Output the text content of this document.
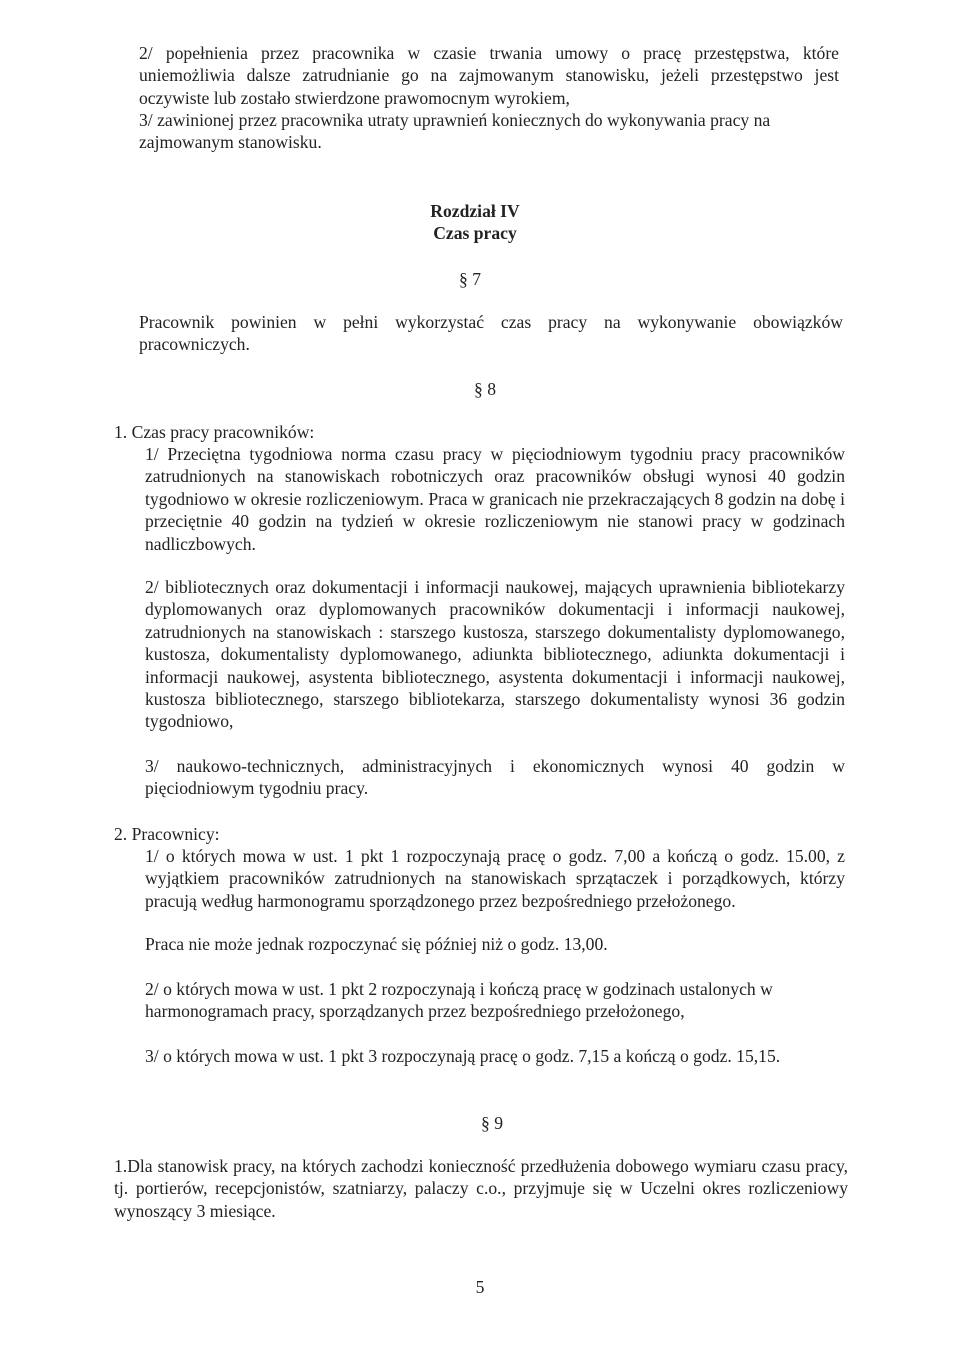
2/ popełnienia przez pracownika w czasie trwania umowy o pracę przestępstwa, które uniemożliwia dalsze zatrudnianie go na zajmowanym stanowisku, jeżeli przestępstwo jest oczywiste lub zostało stwierdzone prawomocnym wyrokiem,

3/ zawinionej przez pracownika utraty uprawnień koniecznych do wykonywania pracy na zajmowanym stanowisku.

Rozdział IV
Czas pracy
§ 7

Pracownik powinien w pełni wykorzystać czas pracy na wykonywanie obowiązków pracowniczych.

§ 8
1. Czas pracy pracowników:

1/ Przeciętna tygodniowa norma czasu pracy w pięciodniowym tygodniu pracy pracowników zatrudnionych na stanowiskach robotniczych oraz pracowników obsługi wynosi 40 godzin tygodniowo w okresie rozliczeniowym. Praca w granicach nie przekraczających 8 godzin na dobę i przeciętnie 40 godzin na tydzień w okresie rozliczeniowym nie stanowi pracy w godzinach nadliczbowych.

2/ bibliotecznych oraz dokumentacji i informacji naukowej, mających uprawnienia bibliotekarzy dyplomowanych oraz dyplomowanych pracowników dokumentacji i informacji naukowej, zatrudnionych na stanowiskach : starszego kustosza, starszego dokumentalisty dyplomowanego, kustosza, dokumentalisty dyplomowanego, adiunkta bibliotecznego, adiunkta dokumentacji i informacji naukowej, asystenta bibliotecznego, asystenta dokumentacji i informacji naukowej, kustosza bibliotecznego, starszego bibliotekarza, starszego dokumentalisty wynosi 36 godzin tygodniowo,

3/ naukowo-technicznych, administracyjnych i ekonomicznych wynosi 40 godzin w pięciodniowym tygodniu pracy.

2. Pracownicy:

1/ o których mowa w ust. 1 pkt 1 rozpoczynają pracę o godz. 7,00 a kończą o godz. 15.00, z wyjątkiem pracowników zatrudnionych na stanowiskach sprzątaczek i porządkowych, którzy pracują według harmonogramu sporządzonego przez bezpośredniego przełożonego.

Praca nie może jednak rozpoczynać się później niż o godz. 13,00.

2/ o których mowa w ust. 1 pkt 2 rozpoczynają i kończą pracę w godzinach ustalonych w harmonogramach pracy, sporządzanych przez bezpośredniego przełożonego,

3/ o których mowa w ust. 1 pkt 3 rozpoczynają pracę o godz. 7,15 a kończą o godz. 15,15.

§ 9

1.Dla stanowisk pracy, na których zachodzi konieczność przedłużenia dobowego wymiaru czasu pracy, tj. portierów, recepcjonistów, szatniarzy, palaczy c.o., przyjmuje się w Uczelni okres rozliczeniowy wynoszący 3 miesiące.

5
